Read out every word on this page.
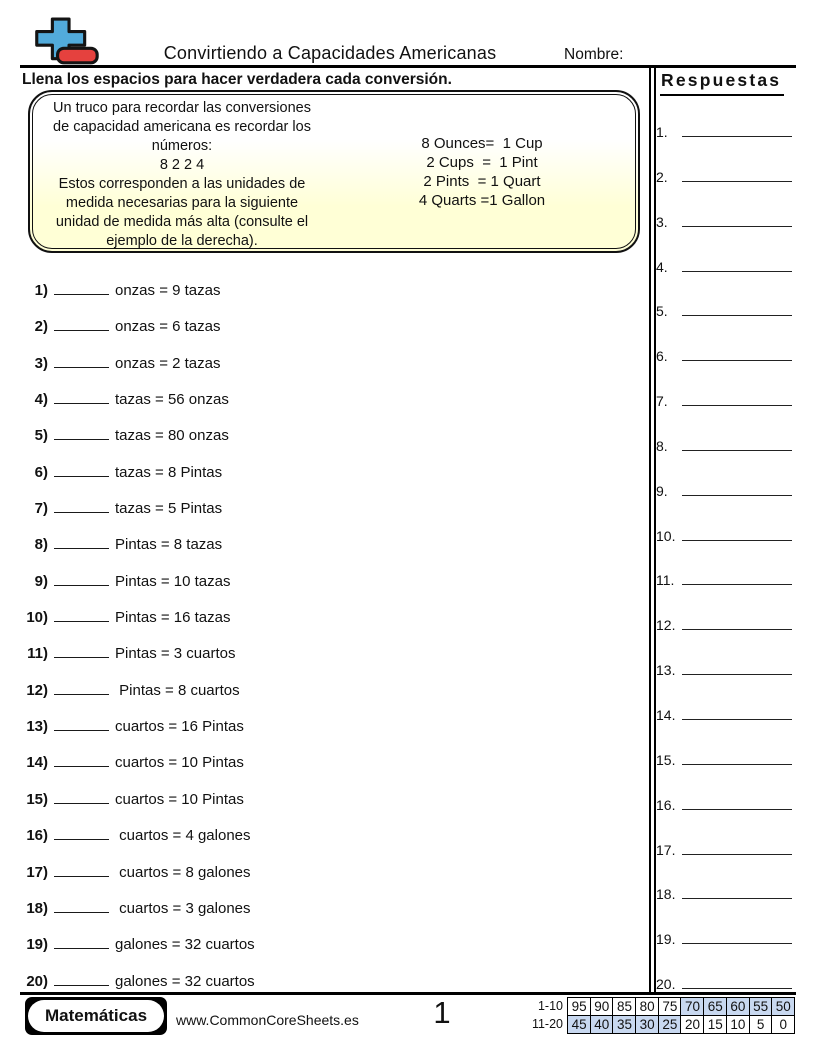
Convirtiendo a Capacidades Americanas	Nombre:
Llena los espacios para hacer verdadera cada conversión.
Un truco para recordar las conversiones
de capacidad americana es recordar los
números:
8 2 2 4
Estos corresponden a las unidades de
medida necesarias para la siguiente
unidad de medida más alta (consulte el
ejemplo de la derecha).
8 Ounces=  1 Cup
2 Cups  =  1 Pint
2 Pints  = 1 Quart
4 Quarts =1 Gallon
1)	onzas = 9 tazas
2)	onzas = 6 tazas
3)	onzas = 2 tazas
4)	tazas = 56 onzas
5)	tazas = 80 onzas
6)	tazas = 8 Pintas
7)	tazas = 5 Pintas
8)	Pintas = 8 tazas
9)	Pintas = 10 tazas
10)	Pintas = 16 tazas
11)	Pintas = 3 cuartos
12)	Pintas = 8 cuartos
13)	cuartos = 16 Pintas
14)	cuartos = 10 Pintas
15)	cuartos = 10 Pintas
16)	cuartos = 4 galones
17)	cuartos = 8 galones
18)	cuartos = 3 galones
19)	galones = 32 cuartos
20)	galones = 32 cuartos
Respuestas
1.
2.
3.
4.
5.
6.
7.
8.
9.
10.
11.
12.
13.
14.
15.
16.
17.
18.
19.
20.
Matemáticas	www.CommonCoreSheets.es	1	1-10 95 90 85 80 75 70 65 60 55 50
11-20 45 40 35 30 25 20 15 10 5	0
